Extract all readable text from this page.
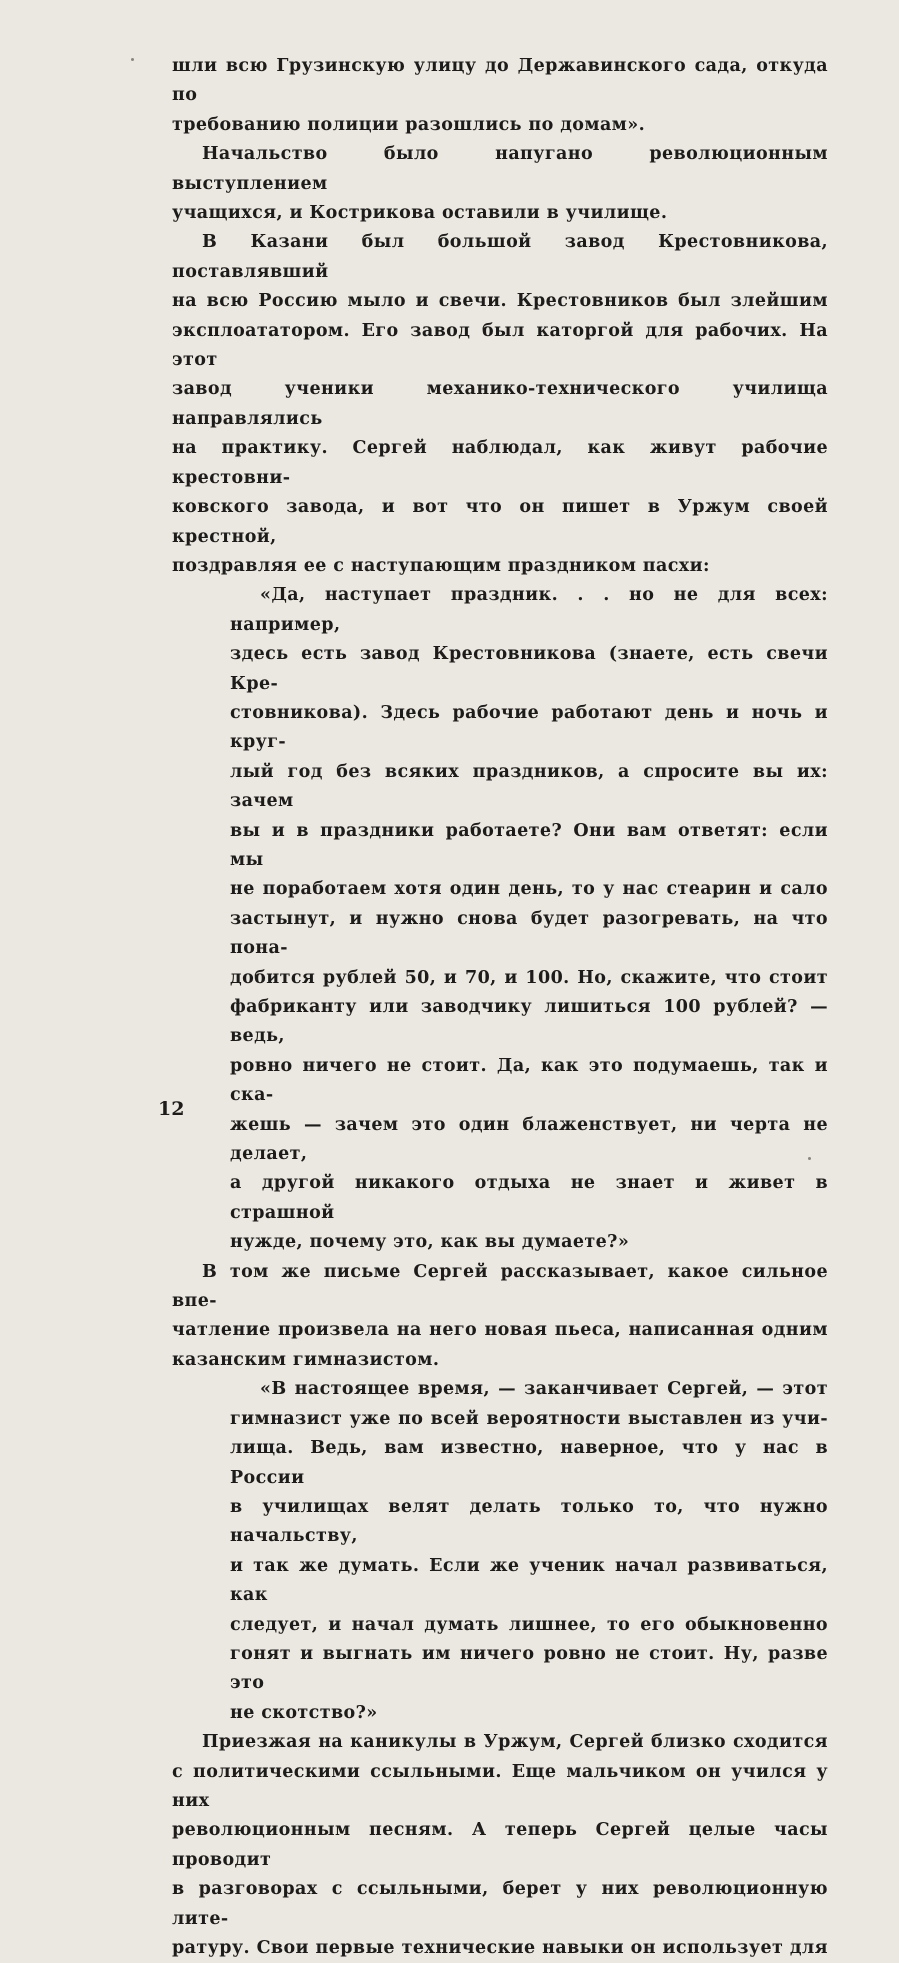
шли всю Грузинскую улицу до Державинского сада, откуда по
требованию полиции разошлись по домам».
Начальство было напугано революционным выступлением
учащихся, и Кострикова оставили в училище.
В Казани был большой завод Крестовникова, поставлявший
на всю Россию мыло и свечи. Крестовников был злейшим
эксплоататором. Его завод был каторгой для рабочих. На этот
завод ученики механико-технического училища направлялись
на практику. Сергей наблюдал, как живут рабочие крестовни-
ковского завода, и вот что он пишет в Уржум своей крестной,
поздравляя ее с наступающим праздником пасхи:
«Да, наступает праздник. . . но не для всех: например,
здесь есть завод Крестовникова (знаете, есть свечи Кре-
стовникова). Здесь рабочие работают день и ночь и круг-
лый год без всяких праздников, а спросите вы их: зачем
вы и в праздники работаете? Они вам ответят: если мы
не поработаем хотя один день, то у нас стеарин и сало
застынут, и нужно снова будет разогревать, на что пона-
добится рублей 50, и 70, и 100. Но, скажите, что стоит
фабриканту или заводчику лишиться 100 рублей? — ведь,
ровно ничего не стоит. Да, как это подумаешь, так и ска-
жешь — зачем это один блаженствует, ни черта не делает,
а другой никакого отдыха не знает и живет в страшной
нужде, почему это, как вы думаете?»
В том же письме Сергей рассказывает, какое сильное впе-
чатление произвела на него новая пьеса, написанная одним
казанским гимназистом.
«В настоящее время, — заканчивает Сергей, — этот
гимназист уже по всей вероятности выставлен из учи-
лища. Ведь, вам известно, наверное, что у нас в России
в училищах велят делать только то, что нужно начальству,
и так же думать. Если же ученик начал развиваться, как
следует, и начал думать лишнее, то его обыкновенно
гонят и выгнать им ничего ровно не стоит. Ну, разве это
не скотство?»
Приезжая на каникулы в Уржум, Сергей близко сходится
с политическими ссыльными. Еще мальчиком он учился у них
революционным песням. А теперь Сергей целые часы проводит
в разговорах с ссыльными, берет у них революционную лите-
ратуру. Свои первые технические навыки он использует для
12
